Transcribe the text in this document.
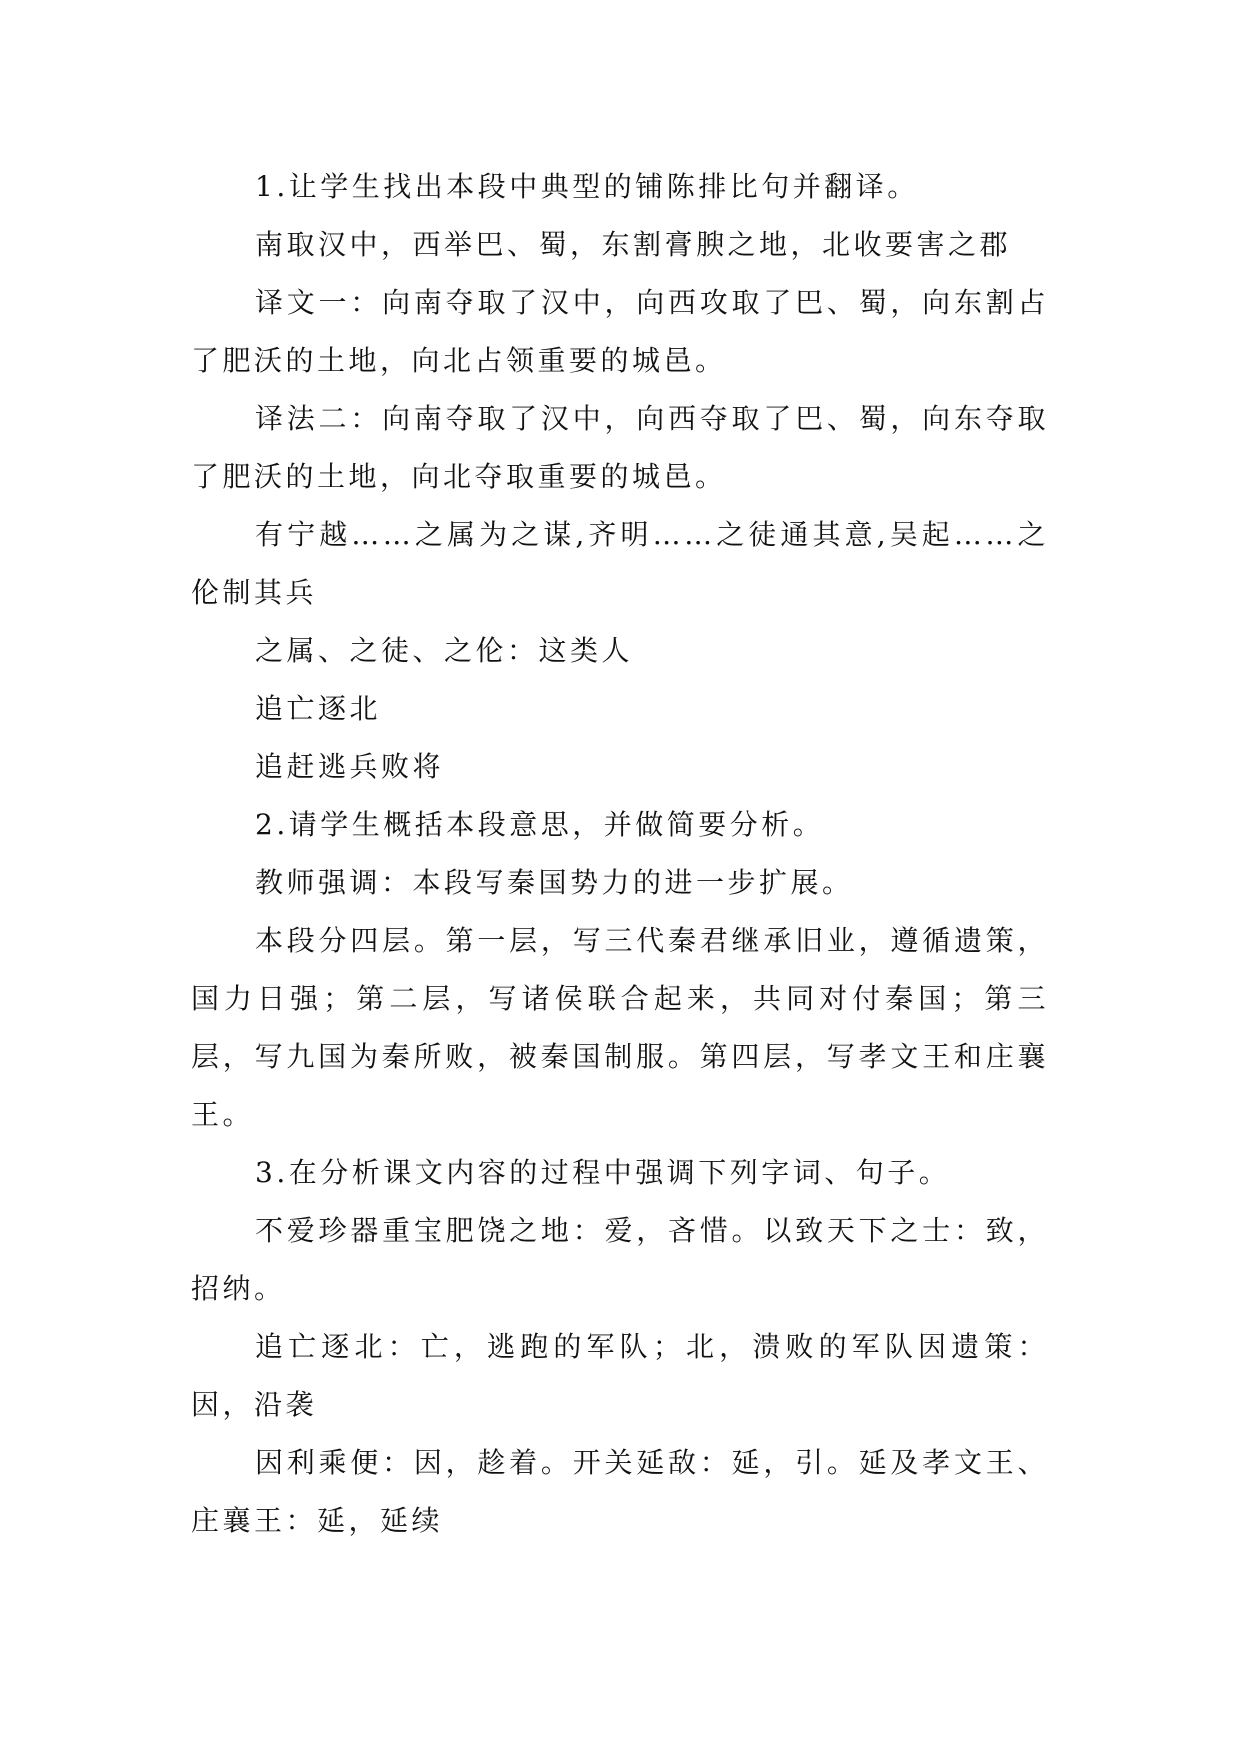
1.让学生找出本段中典型的铺陈排比句并翻译。

南取汉中，西举巴、蜀，东割膏腴之地，北收要害之郡

译文一：向南夺取了汉中，向西攻取了巴、蜀，向东割占了肥沃的土地，向北占领重要的城邑。

译法二：向南夺取了汉中，向西夺取了巴、蜀，向东夺取了肥沃的土地，向北夺取重要的城邑。

有宁越……之属为之谋,齐明……之徒通其意,吴起……之伦制其兵

之属、之徒、之伦：这类人

追亡逐北

追赶逃兵败将

2.请学生概括本段意思，并做简要分析。

教师强调：本段写秦国势力的进一步扩展。

本段分四层。第一层，写三代秦君继承旧业，遵循遗策，国力日强；第二层，写诸侯联合起来，共同对付秦国；第三层，写九国为秦所败，被秦国制服。第四层，写孝文王和庄襄王。

3.在分析课文内容的过程中强调下列字词、句子。

不爱珍器重宝肥饶之地：爱，吝惜。以致天下之士：致，招纳。

追亡逐北：亡，逃跑的军队；北，溃败的军队因遗策：因，沿袭

因利乘便：因，趁着。开关延敌：延，引。延及孝文王、庄襄王：延，延续
